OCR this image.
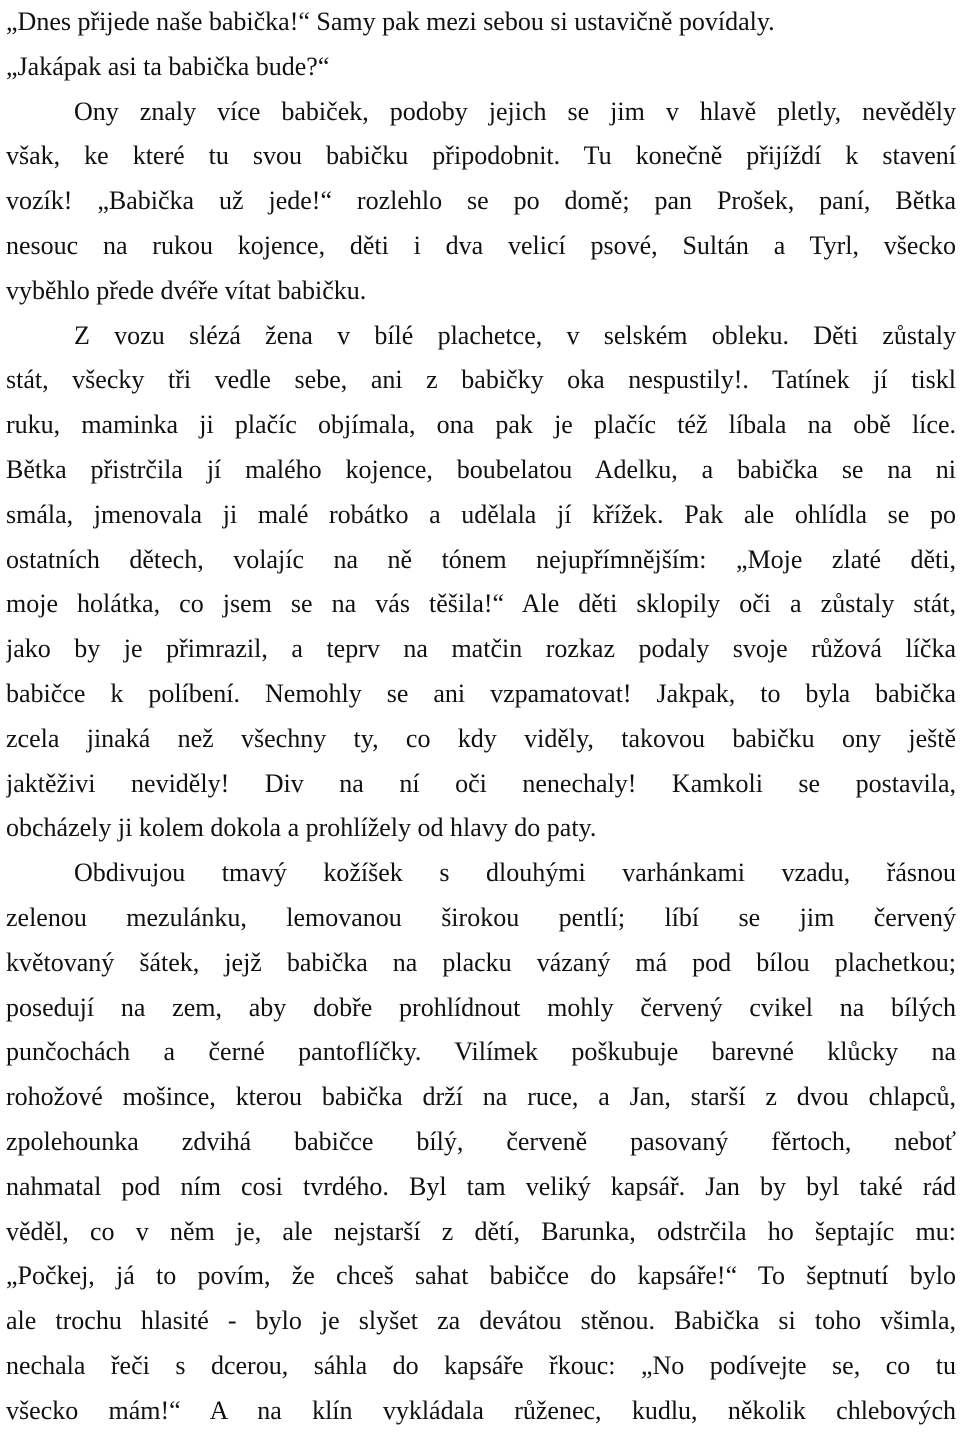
„Dnes přijede naše babička!“ Samy pak mezi sebou si ustavičně povídaly.
„Jakápak asi ta babička bude?“
Ony znaly více babiček, podoby jejich se jim v hlavě pletly, nevěděly
však, ke které tu svou babičku připodobnit. Tu konečně přijíždí k stavení
vozík! „Babička už jede!“ rozlehlo se po domě; pan Prošek, paní, Bětka
nesouc na rukou kojence, děti i dva velicí psové, Sultán a Tyrl, všecko
vyběhlo přede dvéře vítat babičku.
Z vozu slézá žena v bílé plachetce, v selském obleku. Děti zůstaly
stát, všecky tři vedle sebe, ani z babičky oka nespustily!. Tatínek jí tiskl
ruku, maminka ji plačíc objímala, ona pak je plačíc též líbala na obě líce.
Bětka přistrčila jí malého kojence, boubelatou Adelku, a babička se na ni
smála, jmenovala ji malé robátko a udělala jí křížek. Pak ale ohlídla se po
ostatních dětech, volajíc na ně tónem nejupřímnějším: „Moje zlaté děti,
moje holátka, co jsem se na vás těšila!“ Ale děti sklopily oči a zůstaly stát,
jako by je přimrazil, a teprv na matčin rozkaz podaly svoje růžová líčka
babičce k políbení. Nemohly se ani vzpamatovat! Jakpak, to byla babička
zcela jinaká než všechny ty, co kdy viděly, takovou babičku ony ještě
jaktěživi neviděly! Div na ní oči nenechaly! Kamkoli se postavila,
obcházely ji kolem dokola a prohlížely od hlavy do paty.
Obdivujou tmavý kožíšek s dlouhými varhánkami vzadu, řásnou
zelenou mezulánku, lemovanou širokou pentlí; líbí se jim červený
květovaný šátek, jejž babička na placku vázaný má pod bílou plachetkou;
posedují na zem, aby dobře prohlídnout mohly červený cvikel na bílých
punčochách a černé pantoflíčky. Vilímek poškubuje barevné klůcky na
rohožové mošince, kterou babička drží na ruce, a Jan, starší z dvou chlapců,
zpolehounka zdvihá babičce bílý, červeně pasovaný fěrtoch, neboť
nahmatal pod ním cosi tvrdého. Byl tam veliký kapsář. Jan by byl také rád
věděl, co v něm je, ale nejstarší z dětí, Barunka, odstrčila ho šeptajíc mu:
„Počkej, já to povím, že chceš sahat babičce do kapsáře!“ To šeptnutí bylo
ale trochu hlasité - bylo je slyšet za devátou stěnou. Babička si toho všimla,
nechala řeči s dcerou, sáhla do kapsáře řkouc: „No podívejte se, co tu
všecko mám!“ A na klín vykládala růženec, kudlu, několik chlebových
